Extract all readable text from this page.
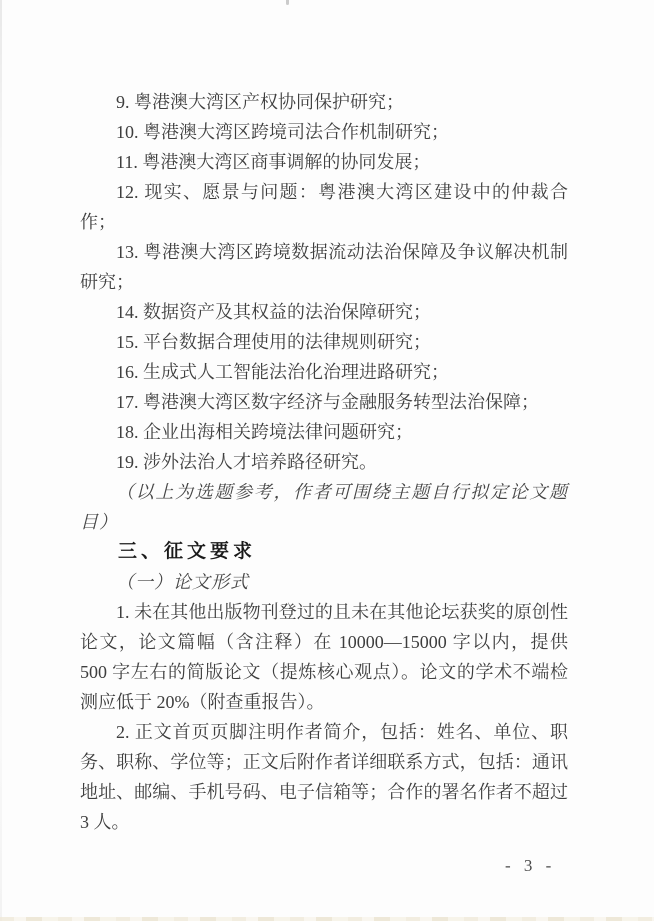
9. 粤港澳大湾区产权协同保护研究；

10. 粤港澳大湾区跨境司法合作机制研究；

11. 粤港澳大湾区商事调解的协同发展；

12. 现实、愿景与问题：粤港澳大湾区建设中的仲裁合作；

13. 粤港澳大湾区跨境数据流动法治保障及争议解决机制研究；

14. 数据资产及其权益的法治保障研究；

15. 平台数据合理使用的法律规则研究；

16. 生成式人工智能法治化治理进路研究；

17. 粤港澳大湾区数字经济与金融服务转型法治保障；

18. 企业出海相关跨境法律问题研究；

19. 涉外法治人才培养路径研究。

（以上为选题参考，作者可围绕主题自行拟定论文题目）

三、征文要求

（一）论文形式

1. 未在其他出版物刊登过的且未在其他论坛获奖的原创性论文，论文篇幅（含注释）在 10000—15000 字以内，提供 500 字左右的简版论文（提炼核心观点）。论文的学术不端检测应低于 20%（附查重报告）。

2. 正文首页页脚注明作者简介，包括：姓名、单位、职务、职称、学位等；正文后附作者详细联系方式，包括：通讯地址、邮编、手机号码、电子信箱等；合作的署名作者不超过 3 人。

- 3 -
